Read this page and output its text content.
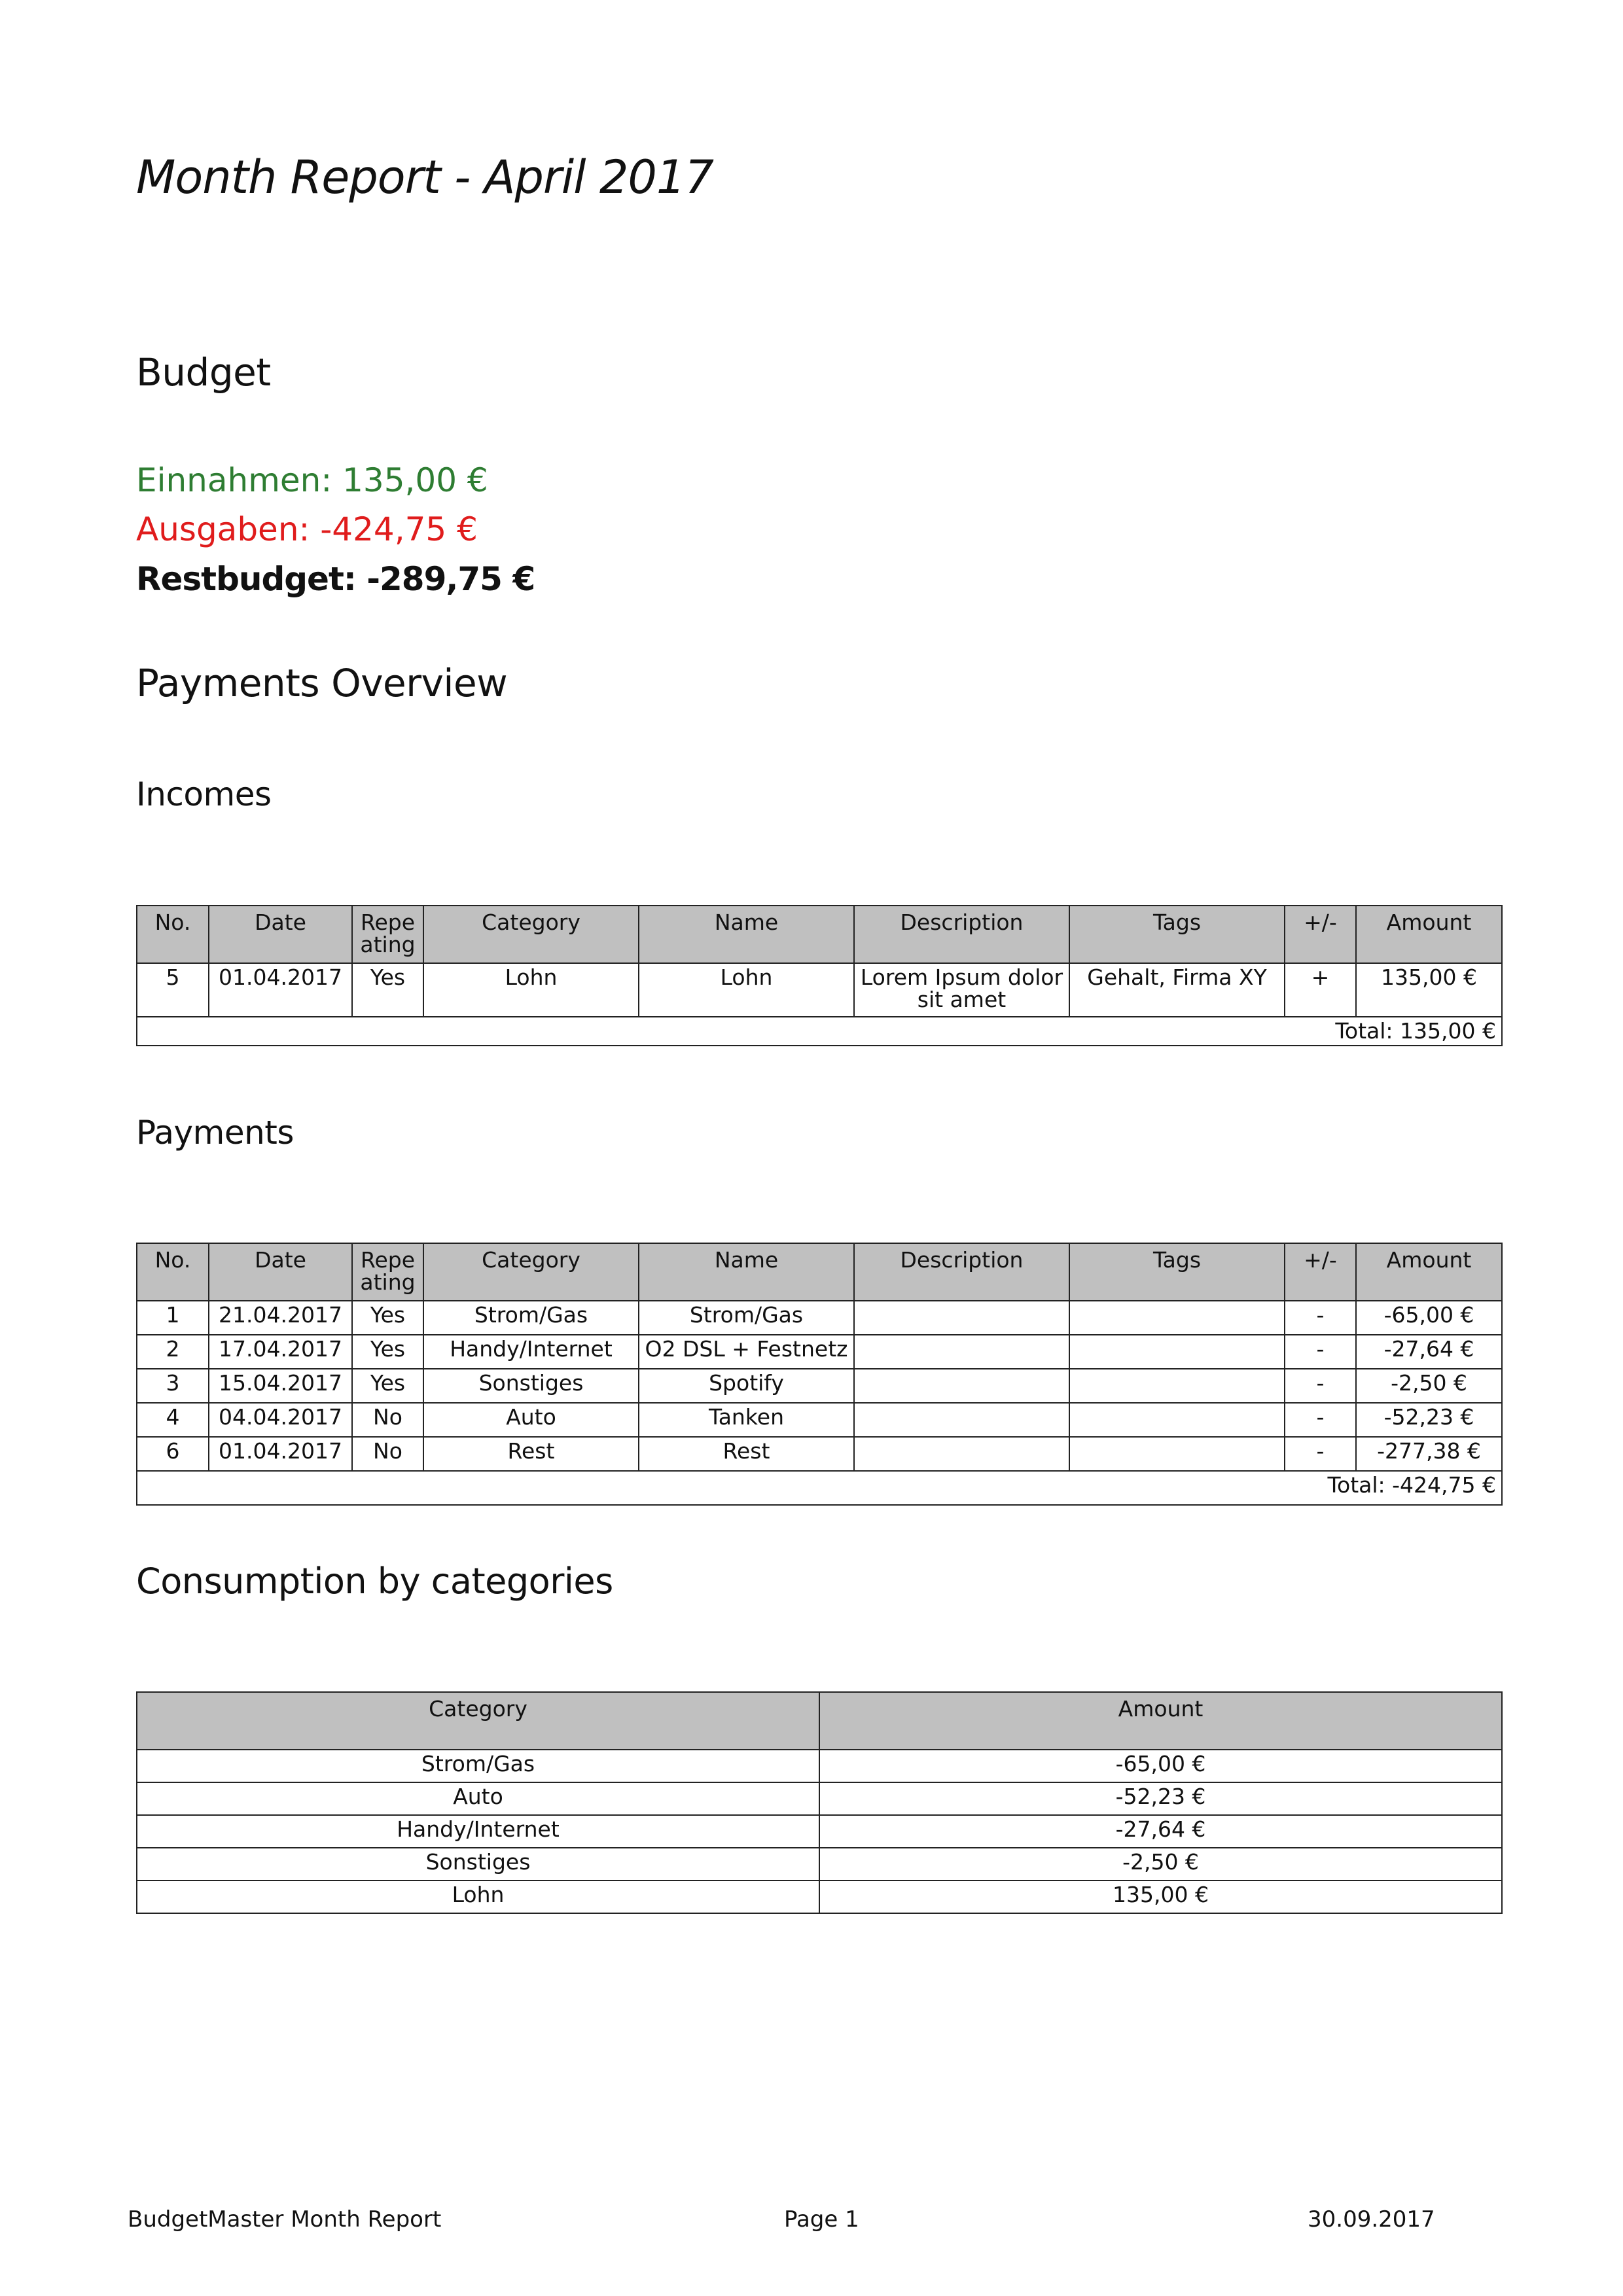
Month Report - April 2017
Budget

Einnahmen: 135,00 €

Ausgaben: -424,75 €

Restbudget: -289,75 €

Payments Overview
Incomes
No.	Date	Repe ating	Category	Name	Description	Tags	+/-	Amount
5	01.04.2017	Yes	Lohn	Lohn	Lorem Ipsum dolor sit amet	Gehalt, Firma XY	+	135,00 €
Total: 135,00 €								
Payments
No.	Date	Repe ating	Category	Name	Description	Tags	+/-	Amount
1	21.04.2017	Yes	Strom/Gas	Strom/Gas			-	-65,00 €
2	17.04.2017	Yes	Handy/Internet	O2 DSL + Festnetz			-	-27,64 €
3	15.04.2017	Yes	Sonstiges	Spotify			-	-2,50 €
4	04.04.2017	No	Auto	Tanken			-	-52,23 €
6	01.04.2017	No	Rest	Rest			-	-277,38 €
Total: -424,75 €								
Consumption by categories
Category	Amount
Strom/Gas	-65,00 €
Auto	-52,23 €
Handy/Internet	-27,64 €
Sonstiges	-2,50 €
Lohn	135,00 €

BudgetMaster Month Report	Page 1	30.09.2017
